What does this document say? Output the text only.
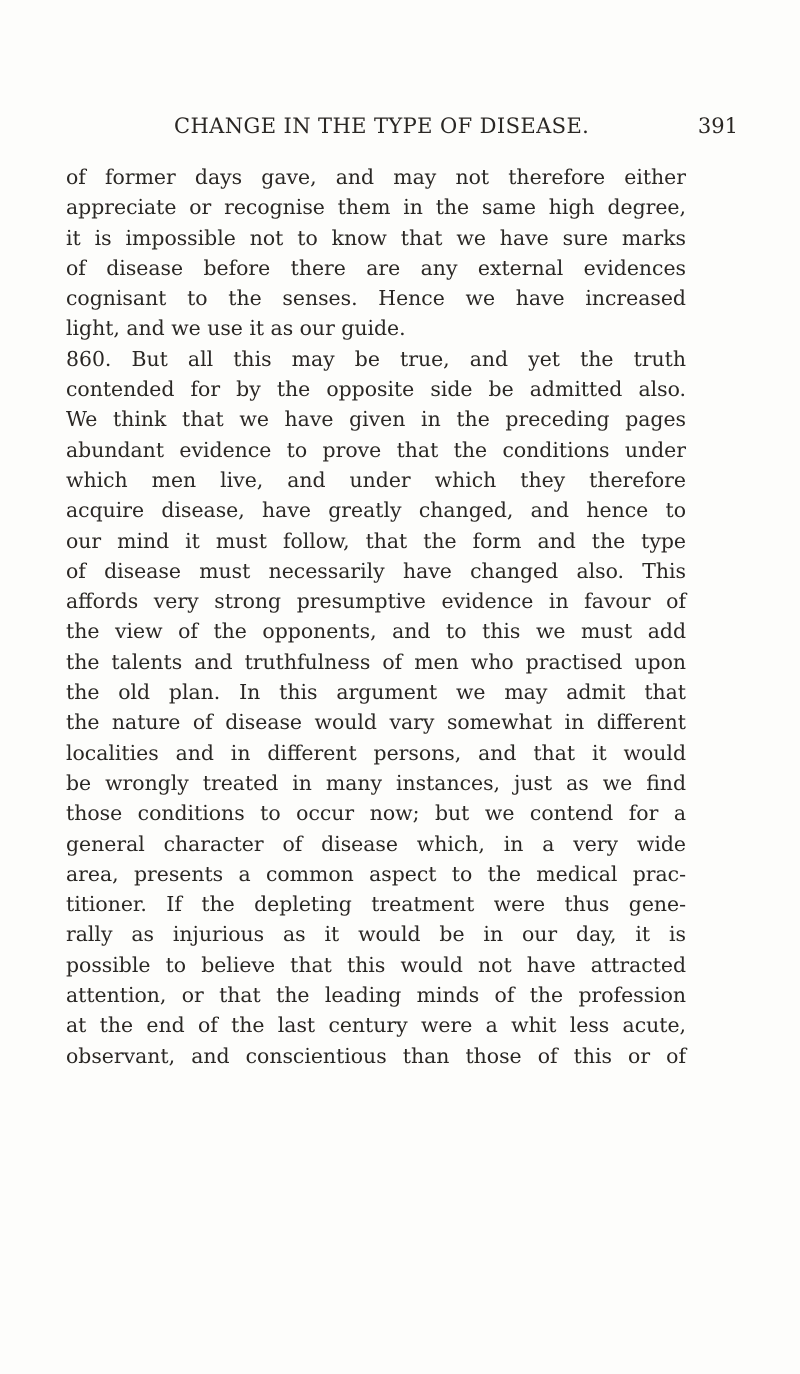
CHANGE IN THE TYPE OF DISEASE.	391
of former days gave, and may not therefore either
appreciate or recognise them in the same high degree,
it is impossible not to know that we have sure marks
of disease before there are any external evidences
cognisant to the senses. Hence we have increased
light, and we use it as our guide.
860. But all this may be true, and yet the truth
contended for by the opposite side be admitted also.
We think that we have given in the preceding pages
abundant evidence to prove that the conditions under
which men live, and under which they therefore
acquire disease, have greatly changed, and hence to
our mind it must follow, that the form and the type
of disease must necessarily have changed also. This
affords very strong presumptive evidence in favour of
the view of the opponents, and to this we must add
the talents and truthfulness of men who practised upon
the old plan. In this argument we may admit that
the nature of disease would vary somewhat in different
localities and in different persons, and that it would
be wrongly treated in many instances, just as we find
those conditions to occur now; but we contend for a
general character of disease which, in a very wide
area, presents a common aspect to the medical prac-
titioner. If the depleting treatment were thus gene-
rally as injurious as it would be in our day, it is
possible to believe that this would not have attracted
attention, or that the leading minds of the profession
at the end of the last century were a whit less acute,
observant, and conscientious than those of this or of
